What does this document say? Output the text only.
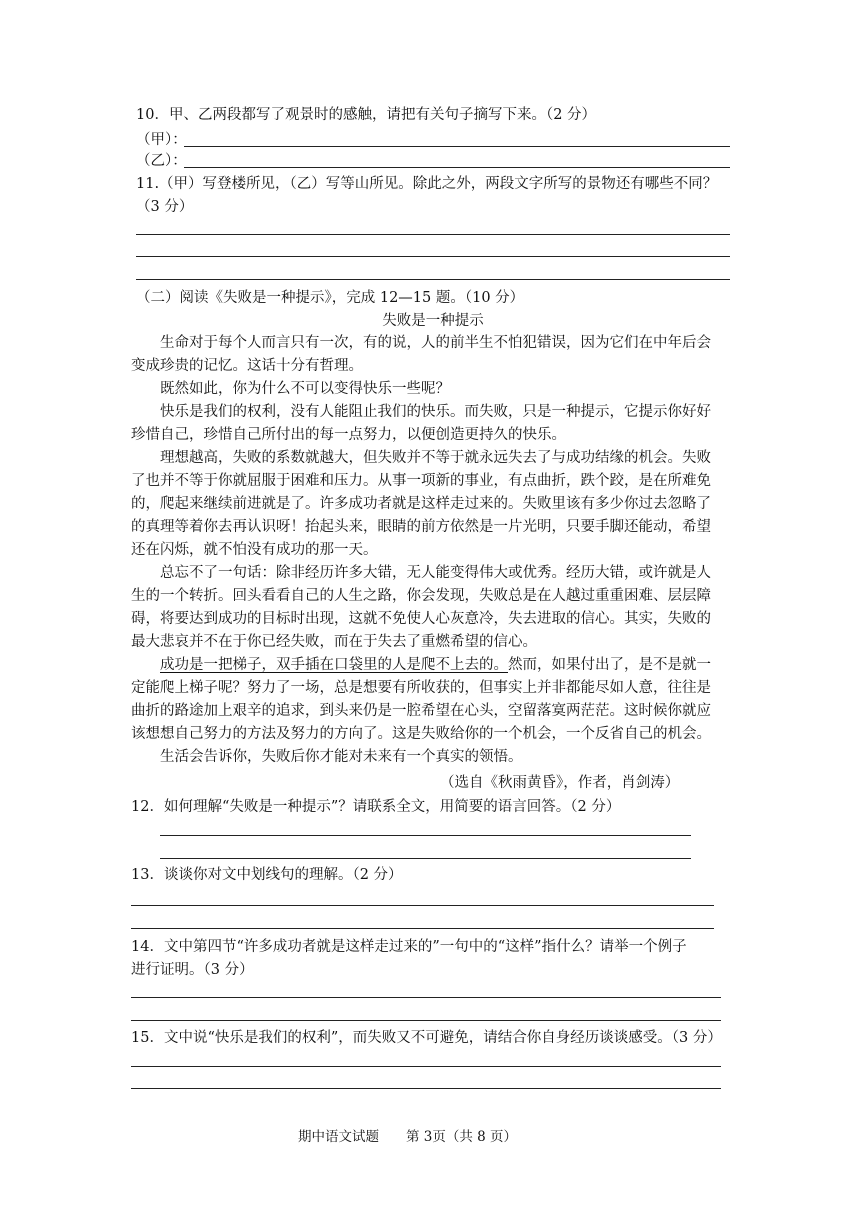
10．甲、乙两段都写了观景时的感触，请把有关句子摘写下来。（2 分）
（甲）：
（乙）：
11.（甲）写登楼所见，（乙）写等山所见。除此之外，两段文字所写的景物还有哪些不同？
（3 分）
（二）阅读《失败是一种提示》，完成 12—15 题。（10 分）
失败是一种提示
生命对于每个人而言只有一次，有的说，人的前半生不怕犯错误，因为它们在中年后会
变成珍贵的记忆。这话十分有哲理。
既然如此，你为什么不可以变得快乐一些呢？
快乐是我们的权利，没有人能阻止我们的快乐。而失败，只是一种提示，它提示你好好
珍惜自己，珍惜自己所付出的每一点努力，以便创造更持久的快乐。
理想越高，失败的系数就越大，但失败并不等于就永远失去了与成功结缘的机会。失败
了也并不等于你就屈服于困难和压力。从事一项新的事业，有点曲折，跌个跤，是在所难免
的，爬起来继续前进就是了。许多成功者就是这样走过来的。失败里该有多少你过去忽略了
的真理等着你去再认识呀！抬起头来，眼睛的前方依然是一片光明，只要手脚还能动，希望
还在闪烁，就不怕没有成功的那一天。
总忘不了一句话：除非经历许多大错，无人能变得伟大或优秀。经历大错，或许就是人
生的一个转折。回头看看自己的人生之路，你会发现，失败总是在人越过重重困难、层层障
碍，将要达到成功的目标时出现，这就不免使人心灰意冷，失去进取的信心。其实，失败的
最大悲哀并不在于你已经失败，而在于失去了重燃希望的信心。
成功是一把梯子，双手插在口袋里的人是爬不上去的。然而，如果付出了，是不是就一
定能爬上梯子呢？努力了一场，总是想要有所收获的，但事实上并非都能尽如人意，往往是
曲折的路途加上艰辛的追求，到头来仍是一腔希望在心头，空留落寞两茫茫。这时候你就应
该想想自己努力的方法及努力的方向了。这是失败给你的一个机会，一个反省自己的机会。
生活会告诉你，失败后你才能对未来有一个真实的领悟。
（选自《秋雨黄昏》，作者，肖剑涛）
12．如何理解“失败是一种提示”？请联系全文，用简要的语言回答。（2 分）
13．谈谈你对文中划线句的理解。（2 分）
14．文中第四节“许多成功者就是这样走过来的”一句中的“这样”指什么？请举一个例子
进行证明。（3 分）
15．文中说“快乐是我们的权利”，而失败又不可避免，请结合你自身经历谈谈感受。（3 分）
期中语文试题　　第 3页（共 8 页）
